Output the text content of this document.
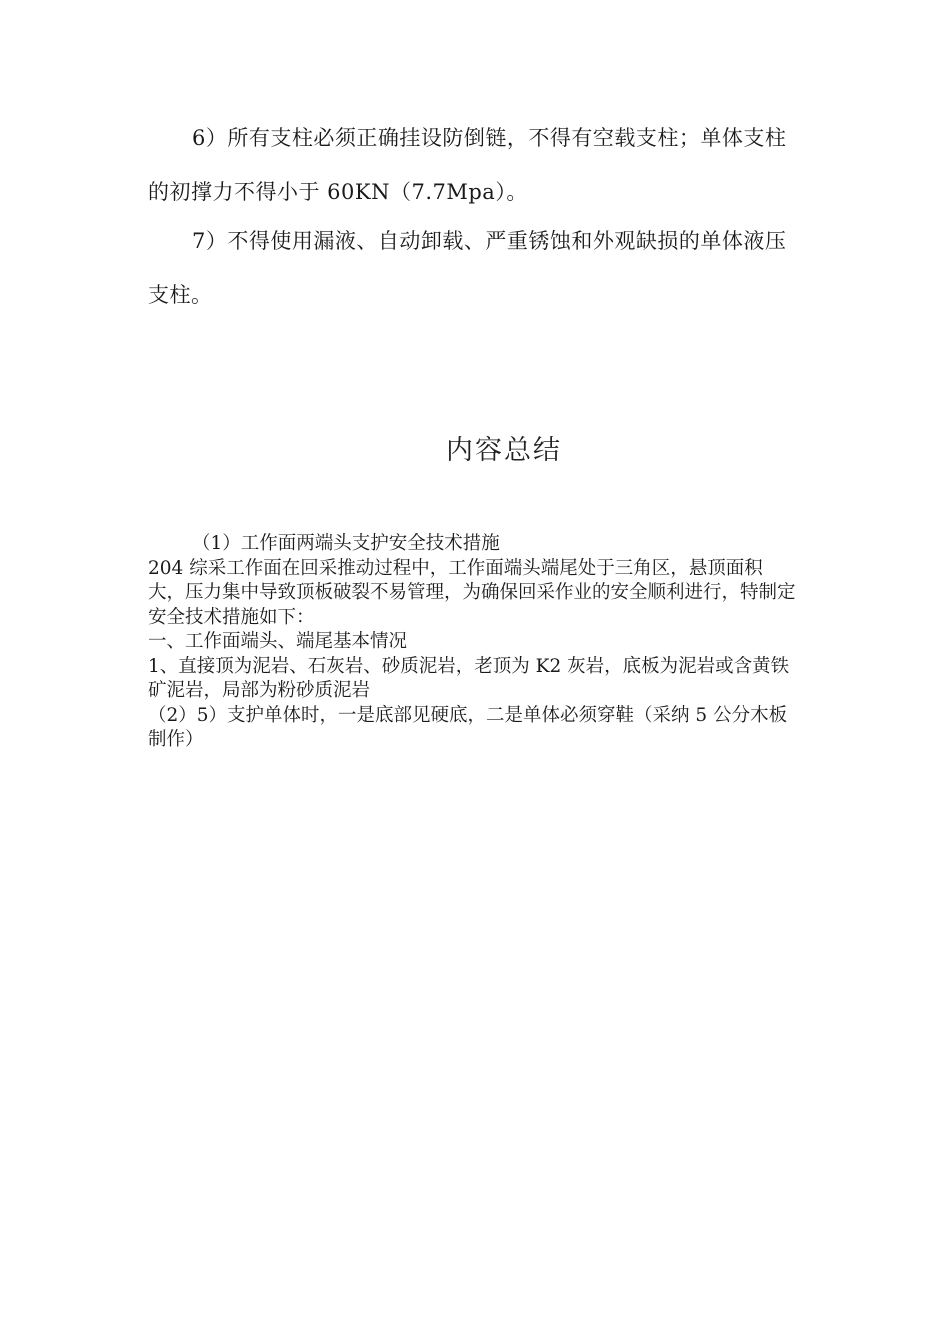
6）所有支柱必须正确挂设防倒链，不得有空载支柱；单体支柱的初撑力不得小于 60KN（7.7Mpa）。
7）不得使用漏液、自动卸载、严重锈蚀和外观缺损的单体液压支柱。
内容总结
（1）工作面两端头支护安全技术措施
204 综采工作面在回采推动过程中，工作面端头端尾处于三角区，悬顶面积大，压力集中导致顶板破裂不易管理，为确保回采作业的安全顺利进行，特制定安全技术措施如下：
一、工作面端头、端尾基本情况
1、直接顶为泥岩、石灰岩、砂质泥岩，老顶为 K2 灰岩，底板为泥岩或含黄铁矿泥岩，局部为粉砂质泥岩
（2）5）支护单体时，一是底部见硬底，二是单体必须穿鞋（采纳 5 公分木板制作）
